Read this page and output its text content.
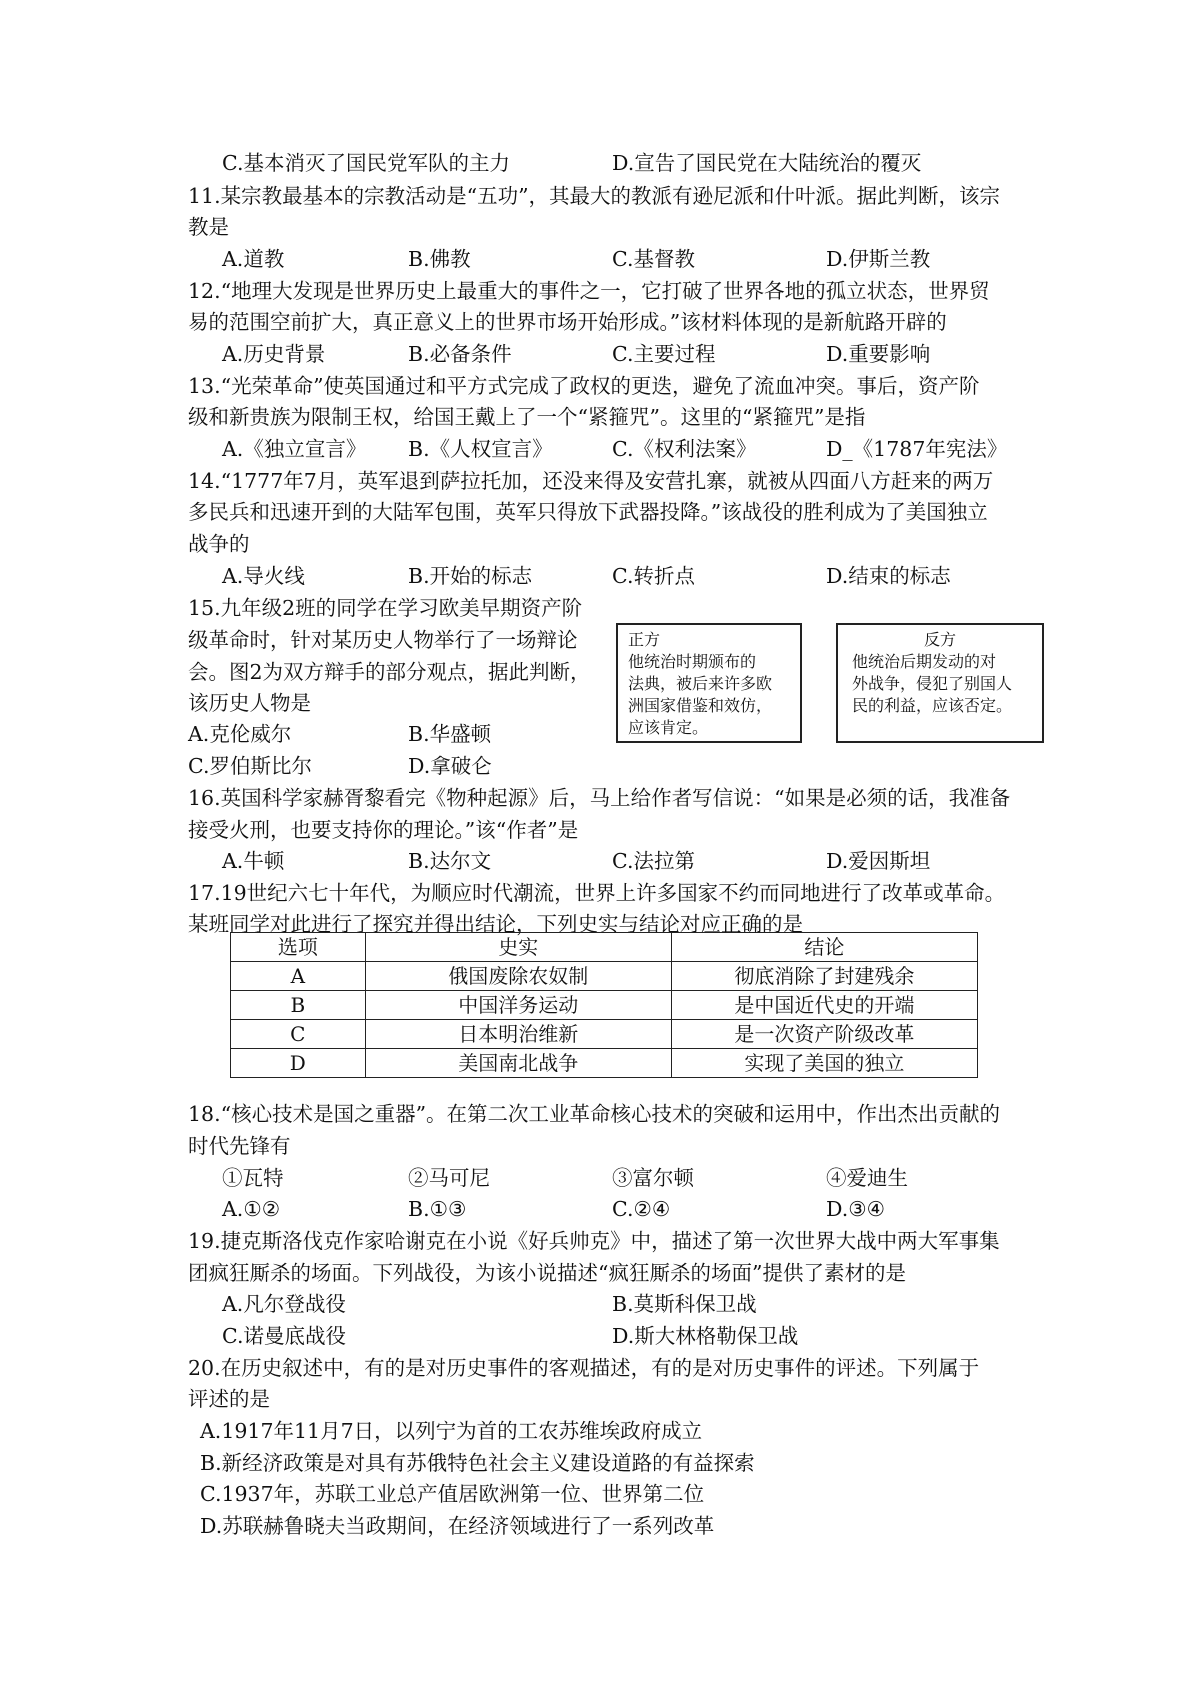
C.基本消灭了国民党军队的主力	D.宣告了国民党在大陆统治的覆灭
11.某宗教最基本的宗教活动是“五功”，其最大的教派有逊尼派和什叶派。据此判断，该宗
教是
A.道教	B.佛教	C.基督教	D.伊斯兰教
12.“地理大发现是世界历史上最重大的事件之一，它打破了世界各地的孤立状态，世界贸
易的范围空前扩大，真正意义上的世界市场开始形成。”该材料体现的是新航路开辟的
A.历史背景	B.必备条件	C.主要过程	D.重要影响
13.“光荣革命”使英国通过和平方式完成了政权的更迭，避免了流血冲突。事后，资产阶
级和新贵族为限制王权，给国王戴上了一个“紧箍咒”。这里的“紧箍咒”是指
A.《独立宣言》 B.《人权宣言》	C.《权利法案》	D_《1787年宪法》
14.“1777年7月，英军退到萨拉托加，还没来得及安营扎寨，就被从四面八方赶来的两万
多民兵和迅速开到的大陆军包围，英军只得放下武器投降。”该战役的胜利成为了美国独立
战争的
A.导火线	B.开始的标志	C.转折点	D.结束的标志
15.九年级2班的同学在学习欧美早期资产阶
级革命时，针对某历史人物举行了一场辩论
会。图2为双方辩手的部分观点，据此判断，
该历史人物是
A.克伦威尔	B.华盛顿
C.罗伯斯比尔	D.拿破仑
正方
他统治时期颁布的
法典，被后来许多欧
洲国家借鉴和效仿，
应该肯定。
反方
他统治后期发动的对
外战争，侵犯了别国人
民的利益，应该否定。
16.英国科学家赫胥黎看完《物种起源》后，马上给作者写信说：“如果是必须的话，我准备
接受火刑，也要支持你的理论。”该“作者”是
A.牛顿	B.达尔文	C.法拉第	D.爱因斯坦
17.19世纪六七十年代，为顺应时代潮流，世界上许多国家不约而同地进行了改革或革命。
某班同学对此进行了探究并得出结论，下列史实与结论对应正确的是
选项	史实	结论
A	俄国废除农奴制	彻底消除了封建残余
B	中国洋务运动	是中国近代史的开端
C	日本明治维新	是一次资产阶级改革
D	美国南北战争	实现了美国的独立
18.“核心技术是国之重器”。在第二次工业革命核心技术的突破和运用中，作出杰出贡献的
时代先锋有
①瓦特	②马可尼	③富尔顿	④爱迪生
A.①②	B.①③	C.②④	D.③④
19.捷克斯洛伐克作家哈谢克在小说《好兵帅克》中，描述了第一次世界大战中两大军事集
团疯狂厮杀的场面。下列战役，为该小说描述“疯狂厮杀的场面”提供了素材的是
A.凡尔登战役	B.莫斯科保卫战
C.诺曼底战役	D.斯大林格勒保卫战
20.在历史叙述中，有的是对历史事件的客观描述，有的是对历史事件的评述。下列属于
评述的是
A.1917年11月7日，以列宁为首的工农苏维埃政府成立
B.新经济政策是对具有苏俄特色社会主义建设道路的有益探索
C.1937年，苏联工业总产值居欧洲第一位、世界第二位
D.苏联赫鲁晓夫当政期间，在经济领域进行了一系列改革
